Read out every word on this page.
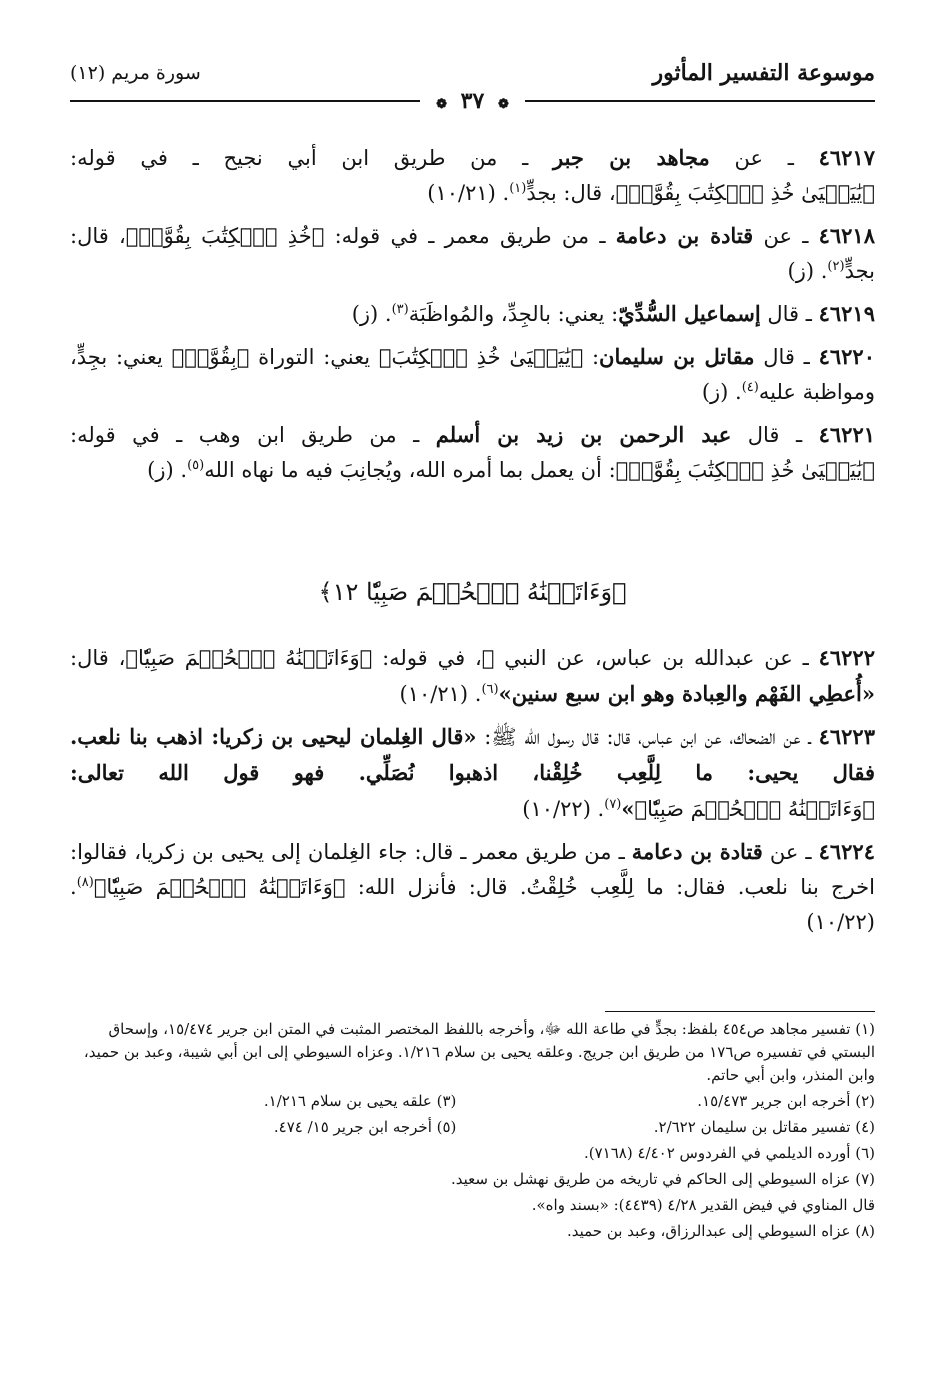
موسوعة التفسير المأثور
سورة مريم (١٢)
❁ ٣٧ ❁

٤٦٢١٧ ـ عن مجاهد بن جبر ـ من طريق ابن أبي نجيح ـ في قوله: ﴿يَٰيَحۡيَىٰ خُذِ ٱلۡكِتَٰبَ بِقُوَّةٖ﴾، قال: بجدٍّ$^{(١)}$. (١٠/٢١)

٤٦٢١٨ ـ عن قتادة بن دعامة ـ من طريق معمر ـ في قوله: ﴿خُذِ ٱلۡكِتَٰبَ بِقُوَّةٖ﴾، قال: بجدٍّ$^{(٢)}$. (ز)

٤٦٢١٩ ـ قال إسماعيل السُّدِّيّ: يعني: بالجِدِّ، والمُواظَبَة$^{(٣)}$. (ز)

٤٦٢٢٠ ـ قال مقاتل بن سليمان: ﴿يَٰيَحۡيَىٰ خُذِ ٱلۡكِتَٰبَ﴾ يعني: التوراة ﴿بِقُوَّةٖ﴾ يعني: بجِدٍّ، ومواظبة عليه$^{(٤)}$. (ز)

٤٦٢٢١ ـ قال عبد الرحمن بن زيد بن أسلم ـ من طريق ابن وهب ـ في قوله: ﴿يَٰيَحۡيَىٰ خُذِ ٱلۡكِتَٰبَ بِقُوَّةٖ﴾: أن يعمل بما أمره الله، ويُجانِبَ فيه ما نهاه الله$^{(٥)}$. (ز)

﴿وَءَاتَيۡنَٰهُ ٱلۡحُكۡمَ صَبِيّٗا ١٢﴾

٤٦٢٢٢ ـ عن عبدالله بن عباس، عن النبي ﷺ، في قوله: ﴿وَءَاتَيۡنَٰهُ ٱلۡحُكۡمَ صَبِيّٗا﴾، قال: «أُعطِي الفَهْم والعِبادة وهو ابن سبع سنين»$^{(٦)}$. (١٠/٢١)

٤٦٢٢٣ ـ عن الضحاك، عن ابن عباس، قال: قال رسول الله ﷺ: «قال الغِلمان ليحيى بن زكريا: اذهب بنا نلعب. فقال يحيى: ما لِلَّعِب خُلِقْنا، اذهبوا نُصَلِّي. فهو قول الله تعالى: ﴿وَءَاتَيۡنَٰهُ ٱلۡحُكۡمَ صَبِيّٗا﴾»$^{(٧)}$. (١٠/٢٢)

٤٦٢٢٤ ـ عن قتادة بن دعامة ـ من طريق معمر ـ قال: جاء الغِلمان إلى يحيى بن زكريا، فقالوا: اخرج بنا نلعب. فقال: ما لِلَّعِب خُلِقْتُ. قال: فأنزل الله: ﴿وَءَاتَيۡنَٰهُ ٱلۡحُكۡمَ صَبِيّٗا﴾$^{(٨)}$. (١٠/٢٢)

(١) تفسير مجاهد ص٤٥٤ بلفظ: بجدٍّ في طاعة الله ﷻ، وأخرجه باللفظ المختصر المثبت في المتن ابن جرير ١٥/٤٧٤، وإسحاق البستي في تفسيره ص١٧٦ من طريق ابن جريج. وعلقه يحيى بن سلام ١/٢١٦. وعزاه السيوطي إلى ابن أبي شيبة، وعبد بن حميد، وابن المنذر، وابن أبي حاتم.

(٢) أخرجه ابن جرير ١٥/٤٧٣.

(٣) علقه يحيى بن سلام ١/٢١٦.

(٤) تفسير مقاتل بن سليمان ٢/٦٢٢.

(٥) أخرجه ابن جرير ١٥/ ٤٧٤.

(٦) أورده الديلمي في الفردوس ٤/٤٠٢ (٧١٦٨).

(٧) عزاه السيوطي إلى الحاكم في تاريخه من طريق نهشل بن سعيد.

قال المناوي في فيض القدير ٤/٢٨ (٤٤٣٩): «بسند واه».

(٨) عزاه السيوطي إلى عبدالرزاق، وعبد بن حميد.
